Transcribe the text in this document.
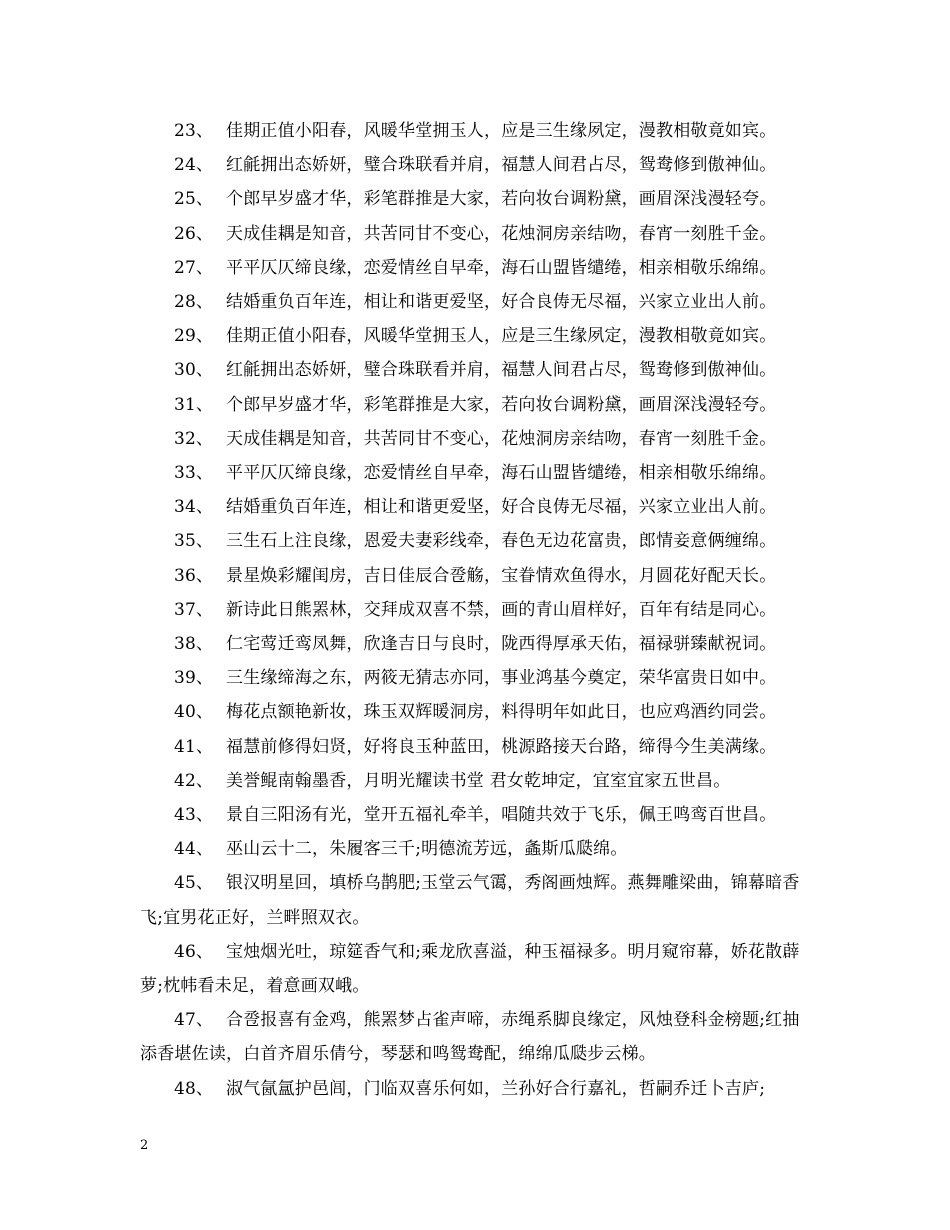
23、 佳期正值小阳春，风暖华堂拥玉人，应是三生缘夙定，漫教相敬竟如宾。

24、 红毹拥出态娇妍，璧合珠联看并肩，福慧人间君占尽，鸳鸯修到傲神仙。

25、 个郎早岁盛才华，彩笔群推是大家，若向妆台调粉黛，画眉深浅漫轻夸。

26、 天成佳耦是知音，共苦同甘不变心，花烛洞房亲结吻，春宵一刻胜千金。

27、 平平仄仄缔良缘，恋爱情丝自早牵，海石山盟皆缱绻，相亲相敬乐绵绵。

28、 结婚重负百年连，相让和谐更爱坚，好合良俦无尽福，兴家立业出人前。

29、 佳期正值小阳春，风暖华堂拥玉人，应是三生缘夙定，漫教相敬竟如宾。

30、 红毹拥出态娇妍，璧合珠联看并肩，福慧人间君占尽，鸳鸯修到傲神仙。

31、 个郎早岁盛才华，彩笔群推是大家，若向妆台调粉黛，画眉深浅漫轻夸。

32、 天成佳耦是知音，共苦同甘不变心，花烛洞房亲结吻，春宵一刻胜千金。

33、 平平仄仄缔良缘，恋爱情丝自早牵，海石山盟皆缱绻，相亲相敬乐绵绵。

34、 结婚重负百年连，相让和谐更爱坚，好合良俦无尽福，兴家立业出人前。

35、 三生石上注良缘，恩爱夫妻彩线牵，春色无边花富贵，郎情妾意俩缠绵。

36、 景星焕彩耀闺房，吉日佳辰合卺觞，宝眷情欢鱼得水，月圆花好配天长。

37、 新诗此日熊罴林，交拜成双喜不禁，画的青山眉样好，百年有结是同心。

38、 仁宅莺迁鸾凤舞，欣逢吉日与良时，陇西得厚承天佑，福禄骈臻献祝词。

39、 三生缘缔海之东，两筱无猜志亦同，事业鸿基今奠定，荣华富贵日如中。

40、 梅花点额艳新妆，珠玉双辉暖洞房，料得明年如此日，也应鸡酒约同尝。

41、 福慧前修得妇贤，好将良玉种蓝田，桃源路接天台路，缔得今生美满缘。

42、 美誉鲲南翰墨香，月明光耀读书堂 君女乾坤定，宜室宜家五世昌。

43、 景自三阳汤有光，堂开五福礼牵羊，唱随共效于飞乐，佩王鸣鸾百世昌。

44、 巫山云十二，朱履客三千;明德流芳远，螽斯瓜瓞绵。

45、 银汉明星回，填桥乌鹊肥;玉堂云气霭，秀阁画烛辉。燕舞雕梁曲，锦幕暗香飞;宜男花正好，兰畔照双衣。

46、 宝烛烟光吐，琼筵香气和;乘龙欣喜溢，种玉福禄多。明月窥帘幕，娇花散薜萝;枕帏看未足，着意画双峨。

47、 合卺报喜有金鸡，熊罴梦占雀声啼，赤绳系脚良缘定，风烛登科金榜题;红抽添香堪佐读，白首齐眉乐倩兮，琴瑟和鸣鸳鸯配，绵绵瓜瓞步云梯。

48、 淑气氤氲护邑闾，门临双喜乐何如，兰孙好合行嘉礼，哲嗣乔迁卜吉庐;

2
